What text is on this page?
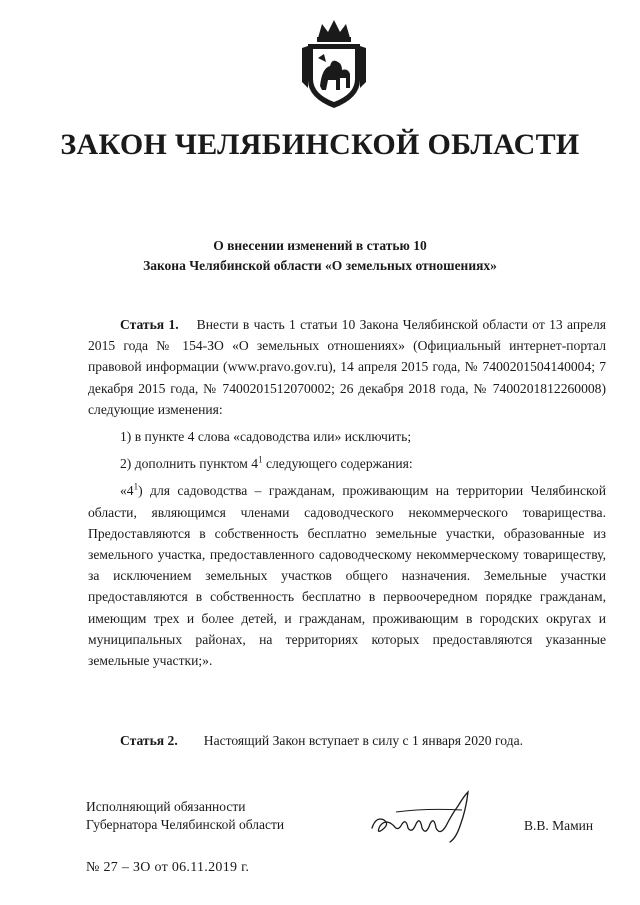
ЗАКОН ЧЕЛЯБИНСКОЙ ОБЛАСТИ
О внесении изменений в статью 10
Закона Челябинской области «О земельных отношениях»

Статья 1. Внести в часть 1 статьи 10 Закона Челябинской области от 13 апреля 2015 года № 154-ЗО «О земельных отношениях» (Официальный интернет-портал правовой информации (www.pravo.gov.ru), 14 апреля 2015 года, № 7400201504140004; 7 декабря 2015 года, № 7400201512070002; 26 декабря 2018 года, № 7400201812260008) следующие изменения:

1) в пункте 4 слова «садоводства или» исключить;

2) дополнить пунктом $4^1$ следующего содержания:

«$4^1$) для садоводства – гражданам, проживающим на территории Челябинской области, являющимся членами садоводческого некоммерческого товарищества. Предоставляются в собственность бесплатно земельные участки, образованные из земельного участка, предоставленного садоводческому некоммерческому товариществу, за исключением земельных участков общего назначения. Земельные участки предоставляются в собственность бесплатно в первоочередном порядке гражданам, имеющим трех и более детей, и гражданам, проживающим в городских округах и муниципальных районах, на территориях которых предоставляются указанные земельные участки;».

Статья 2. Настоящий Закон вступает в силу с 1 января 2020 года.

Исполняющий обязанности
Губернатора Челябинской области	В.В. Мамин
№ 27 – ЗО от 06.11.2019 г.
